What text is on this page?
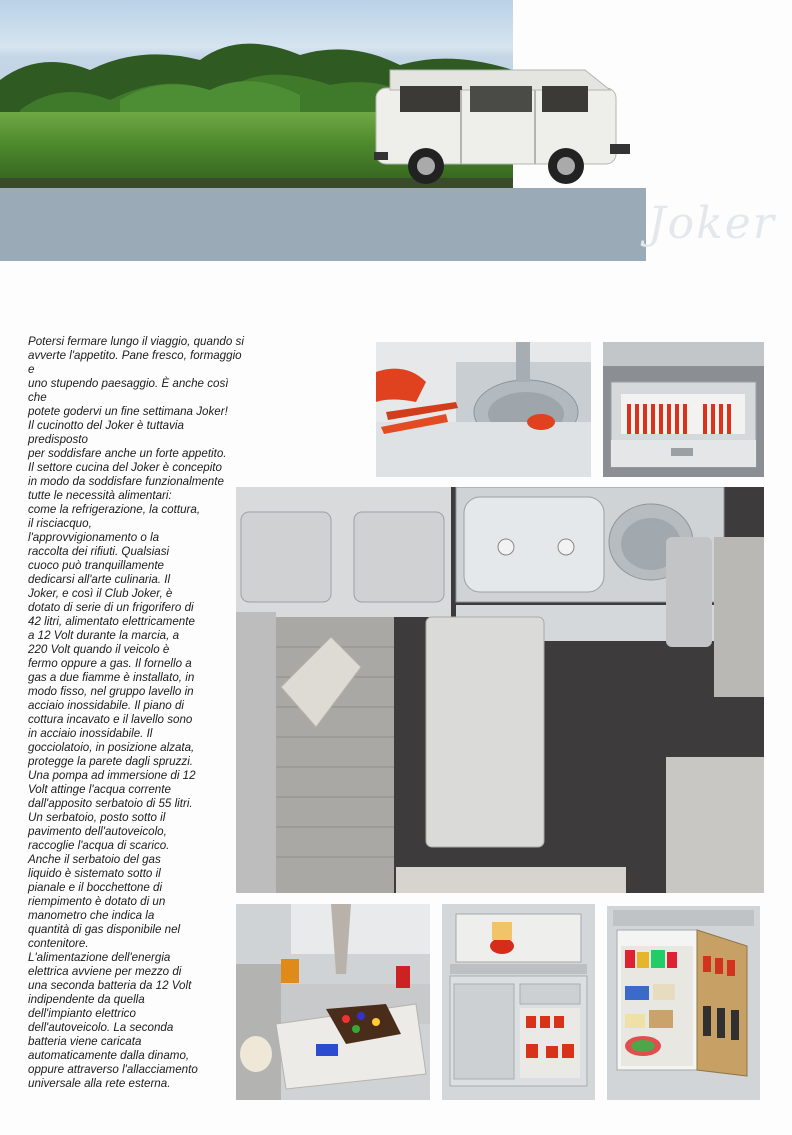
Joker
Potersi fermare lungo il viaggio, quando si
avverte l'appetito. Pane fresco, formaggio e
uno stupendo paesaggio. È anche così che
potete godervi un fine settimana Joker!
Il cucinotto del Joker è tuttavia predisposto
per soddisfare anche un forte appetito.
Il settore cucina del Joker è concepito
in modo da soddisfare funzionalmente
tutte le necessità alimentari:
come la refrigerazione, la cottura,
il risciacquo,
l'approvvigionamento o la
raccolta dei rifiuti. Qualsiasi
cuoco può tranquillamente
dedicarsi all'arte culinaria. Il
Joker, e così il Club Joker, è
dotato di serie di un frigorifero di
42 litri, alimentato elettricamente
a 12 Volt durante la marcia, a
220 Volt quando il veicolo è
fermo oppure a gas. Il fornello a
gas a due fiamme è installato, in
modo fisso, nel gruppo lavello in
acciaio inossidabile. Il piano di
cottura incavato e il lavello sono
in acciaio inossidabile. Il
gocciolatoio, in posizione alzata,
protegge la parete dagli spruzzi.
Una pompa ad immersione di 12
Volt attinge l'acqua corrente
dall'apposito serbatoio di 55 litri.
Un serbatoio, posto sotto il
pavimento dell'autoveicolo,
raccoglie l'acqua di scarico.
Anche il serbatoio del gas
liquido è sistemato sotto il
pianale e il bocchettone di
riempimento è dotato di un
manometro che indica la
quantità di gas disponibile nel
contenitore.
L'alimentazione dell'energia
elettrica avviene per mezzo di
una seconda batteria da 12 Volt
indipendente da quella
dell'impianto elettrico
dell'autoveicolo. La seconda
batteria viene caricata
automaticamente dalla dinamo,
oppure attraverso l'allacciamento
universale alla rete esterna.
